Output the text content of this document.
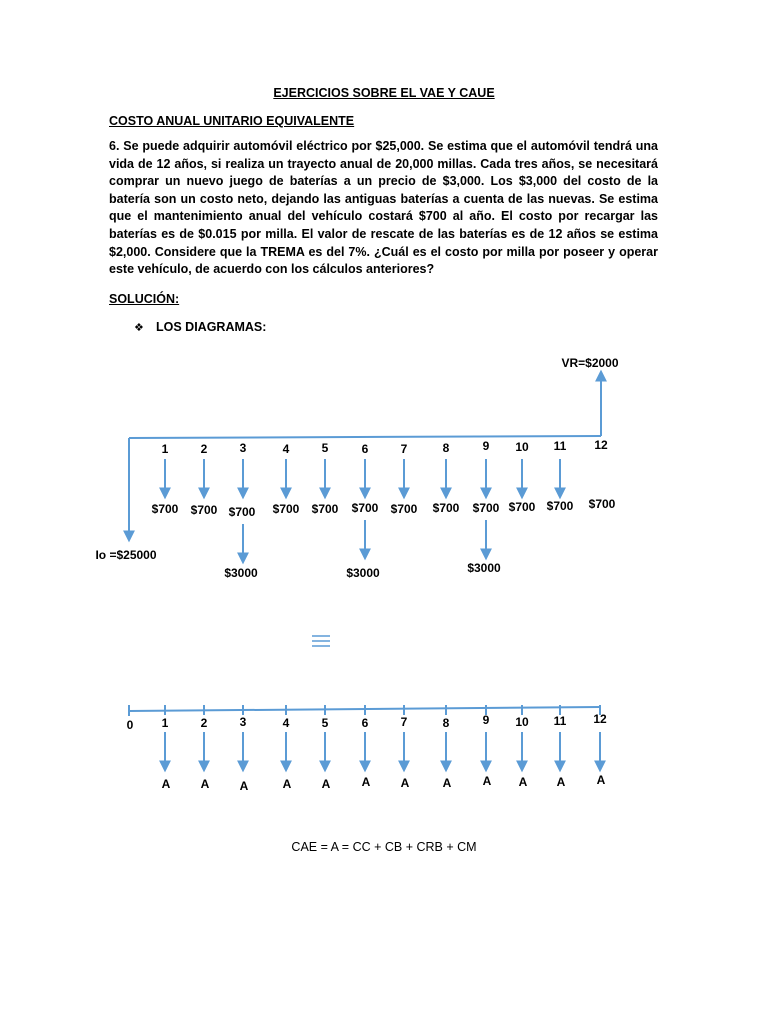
EJERCICIOS SOBRE EL VAE Y CAUE
COSTO ANUAL UNITARIO EQUIVALENTE
6. Se puede adquirir automóvil eléctrico por $25,000. Se estima que el automóvil tendrá una vida de 12 años, si realiza un trayecto anual de 20,000 millas. Cada tres años, se necesitará comprar un nuevo juego de baterías a un precio de $3,000. Los $3,000 del costo de la batería son un costo neto, dejando las antiguas baterías a cuenta de las nuevas. Se estima que el mantenimiento anual del vehículo costará $700 al año. El costo por recargar las baterías es de $0.015 por milla. El valor de rescate de las baterías es de 12 años se estima $2,000. Considere que la TREMA es del 7%. ¿Cuál es el costo por milla por poseer y operar este vehículo, de acuerdo con los cálculos anteriores?
SOLUCIÓN:
❖ LOS DIAGRAMAS:
Io =$25000
VR=$2000
1
$700
2
$700
3
$700
4
$700
5
$700
6
$700
7
$700
8
$700
9
$700
10
$700
11
$700
12
$700
$3000	$3000	$3000
≡
0 1
A
2
A
3
A
4
A
5
A
6
A
7
A
8
A
9
A
10
A
11
A
12
A
CAE = A = CC + CB + CRB + CM
